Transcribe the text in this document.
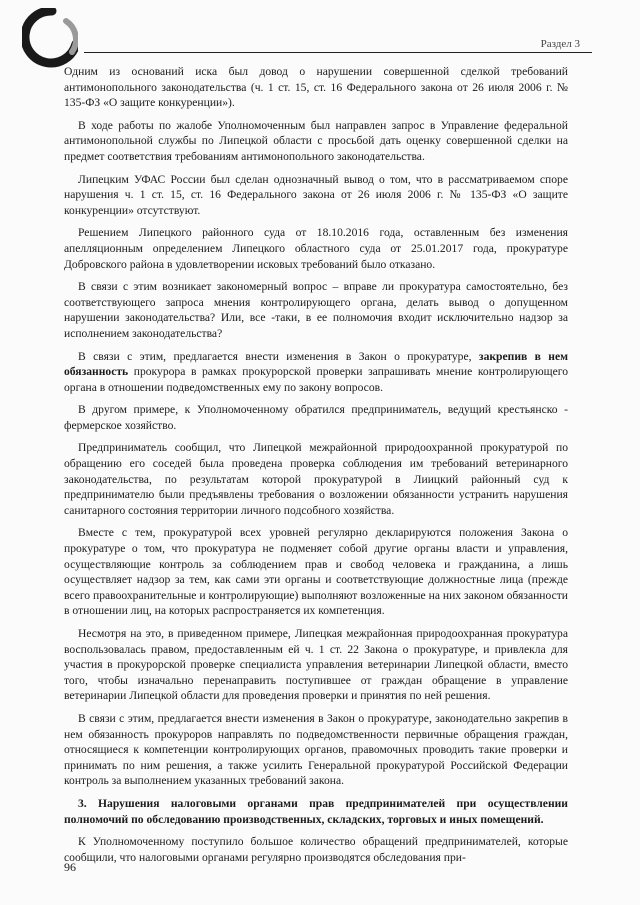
Раздел 3

Одним из оснований иска был довод о нарушении совершенной сделкой требований антимонопольного законодательства (ч. 1 ст. 15, ст. 16 Федерального закона от 26 июля 2006 г. № 135-ФЗ «О защите конкуренции»).

В ходе работы по жалобе Уполномоченным был направлен запрос в Управление федеральной антимонопольной службы по Липецкой области с просьбой дать оценку совершенной сделки на предмет соответствия требованиям антимонопольного законодательства.

Липецким УФАС России был сделан однозначный вывод о том, что в рассматриваемом споре нарушения ч. 1 ст. 15, ст. 16 Федерального закона от 26 июля 2006 г. № 135-ФЗ «О защите конкуренции» отсутствуют.

Решением Липецкого районного суда от 18.10.2016 года, оставленным без изменения апелляционным определением Липецкого областного суда от 25.01.2017 года, прокуратуре Добровского района в удовлетворении исковых требований было отказано.

В связи с этим возникает закономерный вопрос – вправе ли прокуратура самостоятельно, без соответствующего запроса мнения контролирующего органа, делать вывод о допущенном нарушении законодательства? Или, все -таки, в ее полномочия входит исключительно надзор за исполнением законодательства?

В связи с этим, предлагается внести изменения в Закон о прокуратуре, закрепив в нем обязанность прокурора в рамках прокурорской проверки запрашивать мнение контролирующего органа в отношении подведомственных ему по закону вопросов.

В другом примере, к Уполномоченному обратился предприниматель, ведущий крестьянско - фермерское хозяйство.

Предприниматель сообщил, что Липецкой межрайонной природоохранной прокуратурой по обращению его соседей была проведена проверка соблюдения им требований ветеринарного законодательства, по результатам которой прокуратурой в Лиицкий районный суд к предпринимателю были предъявлены требования о возложении обязанности устранить нарушения санитарного состояния территории личного подсобного хозяйства.

Вместе с тем, прокуратурой всех уровней регулярно декларируются положения Закона о прокуратуре о том, что прокуратура не подменяет собой другие органы власти и управления, осуществляющие контроль за соблюдением прав и свобод человека и гражданина, а лишь осуществляет надзор за тем, как сами эти органы и соответствующие должностные лица (прежде всего правоохранительные и контролирующие) выполняют возложенные на них законом обязанности в отношении лиц, на которых распространяется их компетенция.

Несмотря на это, в приведенном примере, Липецкая межрайонная природоохранная прокуратура воспользовалась правом, предоставленным ей ч. 1 ст. 22 Закона о прокуратуре, и привлекла для участия в прокурорской проверке специалиста управления ветеринарии Липецкой области, вместо того, чтобы изначально перенаправить поступившее от граждан обращение в управление ветеринарии Липецкой области для проведения проверки и принятия по ней решения.

В связи с этим, предлагается внести изменения в Закон о прокуратуре, законодательно закрепив в нем обязанность прокуроров направлять по подведомственности первичные обращения граждан, относящиеся к компетенции контролирующих органов, правомочных проводить такие проверки и принимать по ним решения, а также усилить Генеральной прокуратурой Российской Федерации контроль за выполнением указанных требований закона.

3. Нарушения налоговыми органами прав предпринимателей при осуществлении полномочий по обследованию производственных, складских, торговых и иных помещений.

К Уполномоченному поступило большое количество обращений предпринимателей, которые сообщили, что налоговыми органами регулярно производятся обследования при-

96
